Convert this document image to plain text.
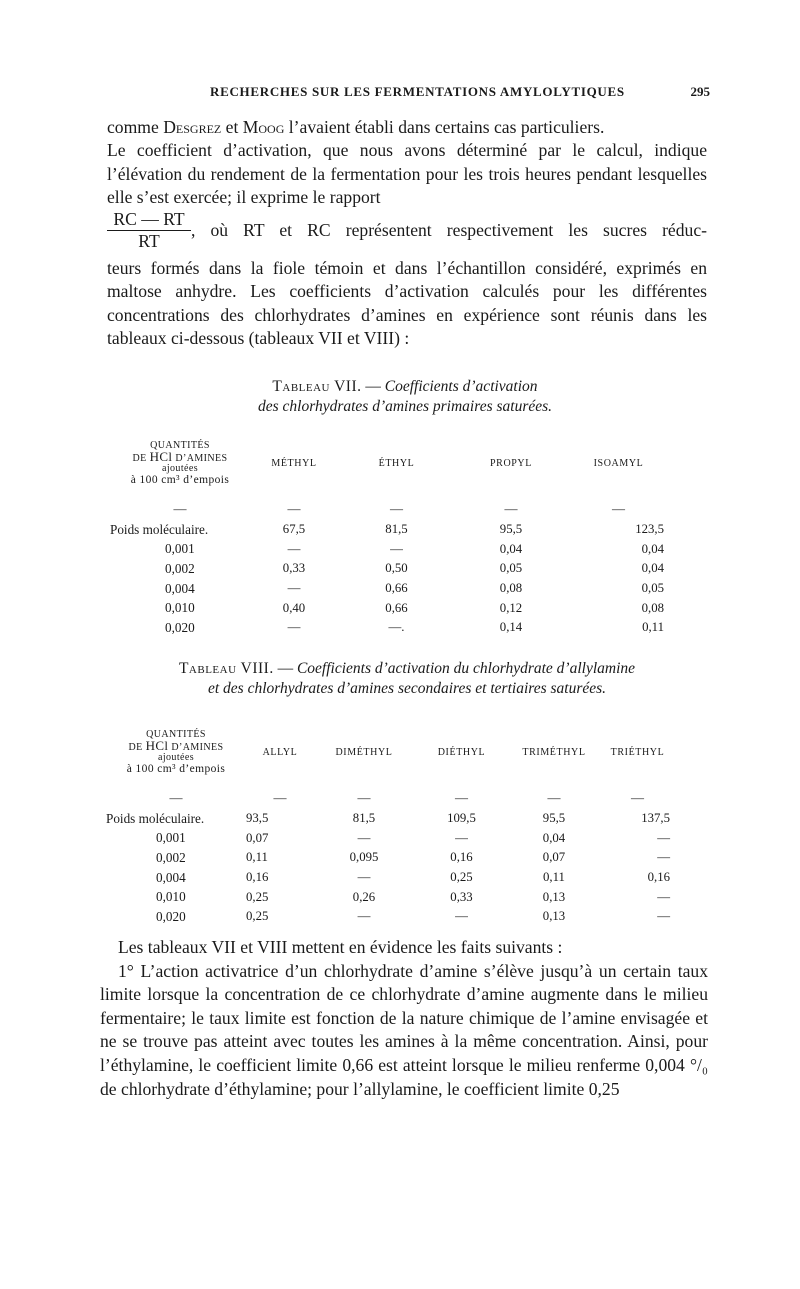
RECHERCHES SUR LES FERMENTATIONS AMYLOLYTIQUES	295

comme Desgrez et Moog l’avaient établi dans certains cas particuliers.

Le coefficient d’activation, que nous avons déterminé par le calcul, indique l’élévation du rendement de la fermentation pour les trois heures pendant lesquelles elle s’est exercée; il exprime le rapport

$\frac{RC — RT}{RT}$ , où RT et RC représentent respectivement les sucres réduc-

teurs formés dans la fiole témoin et dans l’échantillon considéré, exprimés en maltose anhydre. Les coefficients d’activation calculés pour les différentes concentrations des chlorhydrates d’amines en expérience sont réunis dans les tableaux ci-dessous (tableaux VII et VIII) :

Tableau VII. — Coefficients d’activation
des chlorhydrates d’amines primaires saturées.
QUANTITÉS
DE HCl D’AMINES
ajoutées
à 100 cm³ d’empois	MÉTHYL	ÉTHYL	PROPYL	ISOAMYL
—	—	—	—	—
Poids moléculaire.	67,5	81,5	95,5	123,5
0,001	—	—	0,04	0,04
0,002	0,33	0,50	0,05	0,04
0,004	—	0,66	0,08	0,05
0,010	0,40	0,66	0,12	0,08
0,020	—	—.	0,14	0,11
Tableau VIII. — Coefficients d’activation du chlorhydrate d’allylamine
et des chlorhydrates d’amines secondaires et tertiaires saturées.
QUANTITÉS
DE HCl D’AMINES
ajoutées
à 100 cm³ d’empois	ALLYL	DIMÉTHYL	DIÉTHYL	TRIMÉTHYL	TRIÉTHYL
—	—	—	—	—	—
Poids moléculaire.	93,5	81,5	109,5	95,5	137,5
0,001	0,07	—	—	0,04	—
0,002	0,11	0,095	0,16	0,07	—
0,004	0,16	—	0,25	0,11	0,16
0,010	0,25	0,26	0,33	0,13	—
0,020	0,25	—	—	0,13	—

Les tableaux VII et VIII mettent en évidence les faits suivants :

1° L’action activatrice d’un chlorhydrate d’amine s’élève jusqu’à un certain taux limite lorsque la concentration de ce chlorhydrate d’amine augmente dans le milieu fermentaire; le taux limite est fonction de la nature chimique de l’amine envisagée et ne se trouve pas atteint avec toutes les amines à la même concentration. Ainsi, pour l’éthylamine, le coefficient limite 0,66 est atteint lorsque le milieu renferme 0,004 °/₀ de chlorhydrate d’éthylamine; pour l’allylamine, le coefficient limite 0,25
